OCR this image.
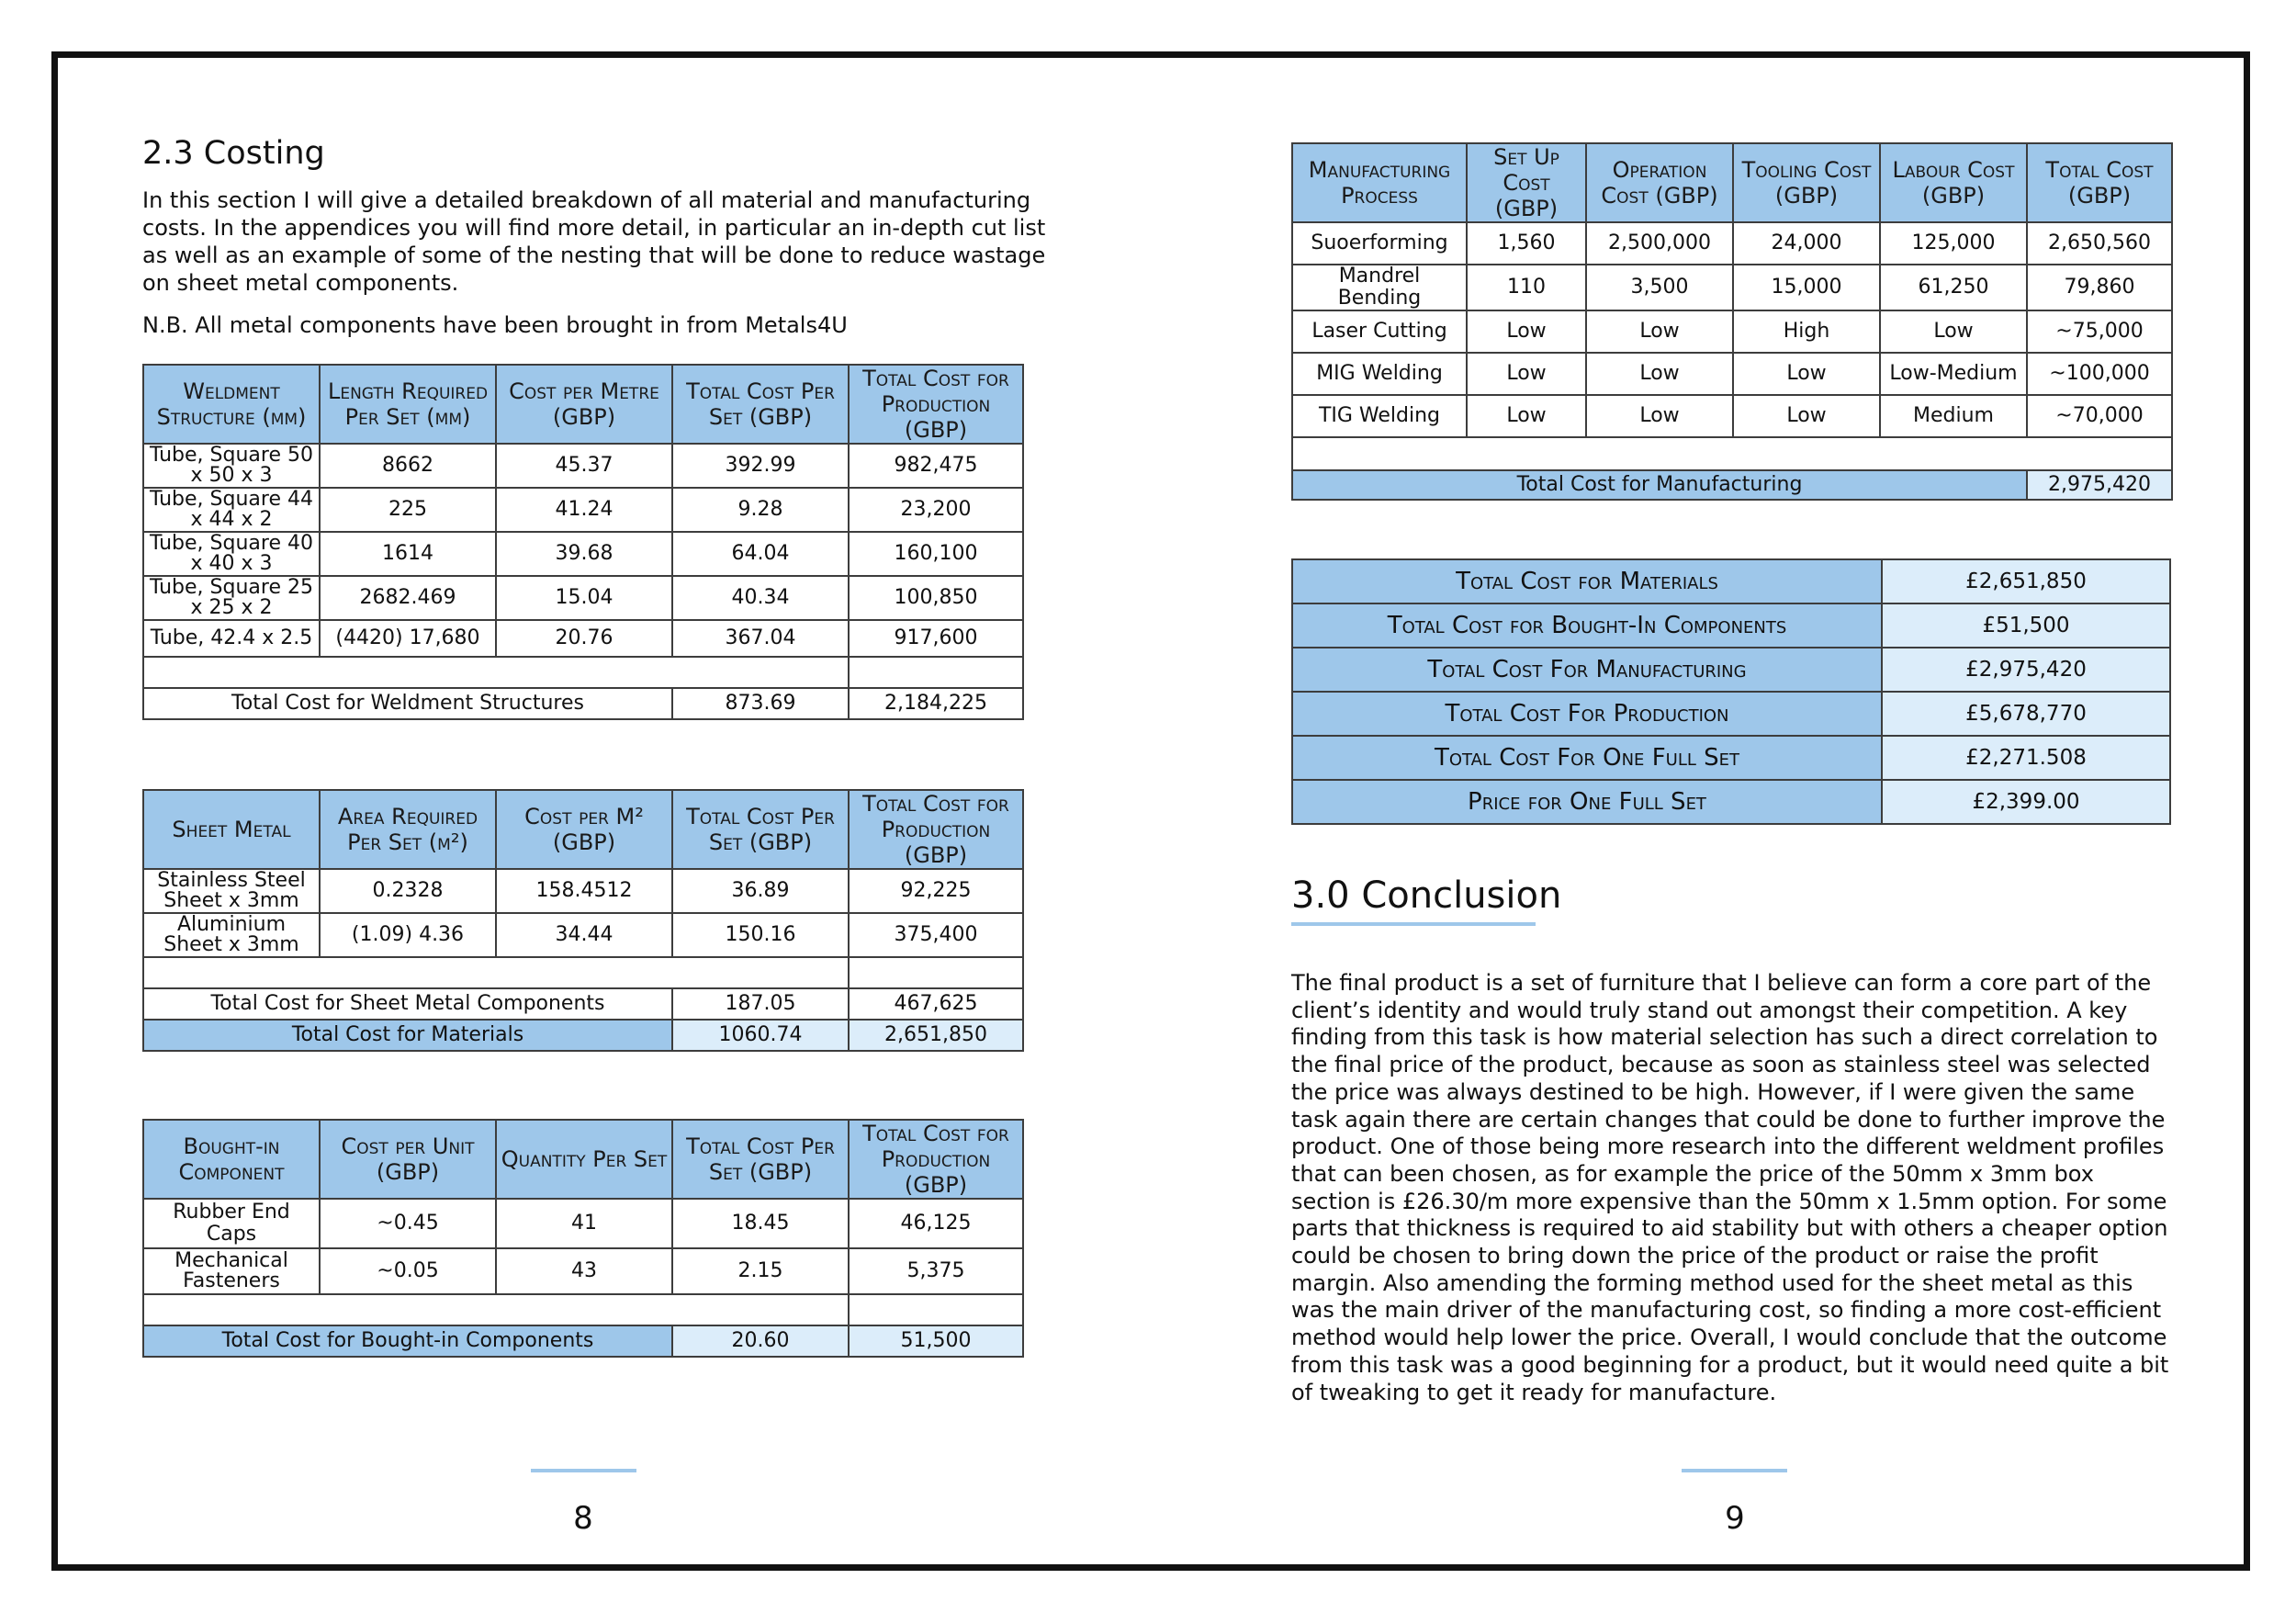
2.3 Costing

In this section I will give a detailed breakdown of all material and manufacturing costs. In the appendices you will find more detail, in particular an in-depth cut list as well as an example of some of the nesting that will be done to reduce wastage on sheet metal components.

N.B. All metal components have been brought in from Metals4U

Weldment Structure (mm)	Length Required Per Set (mm)	Cost per Metre (GBP)	Total Cost Per Set (GBP)	Total Cost for Production (GBP)
Tube, Square 50 x 50 x 3	8662	45.37	392.99	982,475
Tube, Square 44 x 44 x 2	225	41.24	9.28	23,200
Tube, Square 40 x 40 x 3	1614	39.68	64.04	160,100
Tube, Square 25 x 25 x 2	2682.469	15.04	40.34	100,850
Tube, 42.4 x 2.5	(4420) 17,680	20.76	367.04	917,600

Total Cost for Weldment Structures			873.69	2,184,225
Sheet Metal	Area Required Per Set (m²)	Cost per M² (GBP)	Total Cost Per Set (GBP)	Total Cost for Production (GBP)
Stainless Steel Sheet x 3mm	0.2328	158.4512	36.89	92,225
Aluminium Sheet x 3mm	(1.09) 4.36	34.44	150.16	375,400

Total Cost for Sheet Metal Components			187.05	467,625
Total Cost for Materials			1060.74	2,651,850
Bought-in Component	Cost per Unit (GBP)	Quantity Per Set	Total Cost Per Set (GBP)	Total Cost for Production (GBP)
Rubber End Caps	~0.45	41	18.45	46,125
Mechanical Fasteners	~0.05	43	2.15	5,375

Total Cost for Bought-in Components			20.60	51,500
8
Manufacturing Process	Set Up Cost (GBP)	Operation Cost (GBP)	Tooling Cost (GBP)	Labour Cost (GBP)	Total Cost (GBP)
Suoerforming	1,560	2,500,000	24,000	125,000	2,650,560
Mandrel Bending	110	3,500	15,000	61,250	79,860
Laser Cutting	Low	Low	High	Low	~75,000
MIG Welding	Low	Low	Low	Low-Medium	~100,000
TIG Welding	Low	Low	Low	Medium	~70,000

Total Cost for Manufacturing					2,975,420
Total Cost for Materials	£2,651,850
Total Cost for Bought-In Components	£51,500
Total Cost For Manufacturing	£2,975,420
Total Cost For Production	£5,678,770
Total Cost For One Full Set	£2,271.508
Price for One Full Set	£2,399.00
3.0 Conclusion

The final product is a set of furniture that I believe can form a core part of the client’s identity and would truly stand out amongst their competition. A key finding from this task is how material selection has such a direct correlation to the final price of the product, because as soon as stainless steel was selected the price was always destined to be high. However, if I were given the same task again there are certain changes that could be done to further improve the product. One of those being more research into the different weldment profiles that can been chosen, as for example the price of the 50mm x 3mm box section is £26.30/m more expensive than the 50mm x 1.5mm option. For some parts that thickness is required to aid stability but with others a cheaper option could be chosen to bring down the price of the product or raise the profit margin. Also amending the forming method used for the sheet metal as this was the main driver of the manufacturing cost, so finding a more cost-efficient method would help lower the price. Overall, I would conclude that the outcome from this task was a good beginning for a product, but it would need quite a bit of tweaking to get it ready for manufacture.

9
